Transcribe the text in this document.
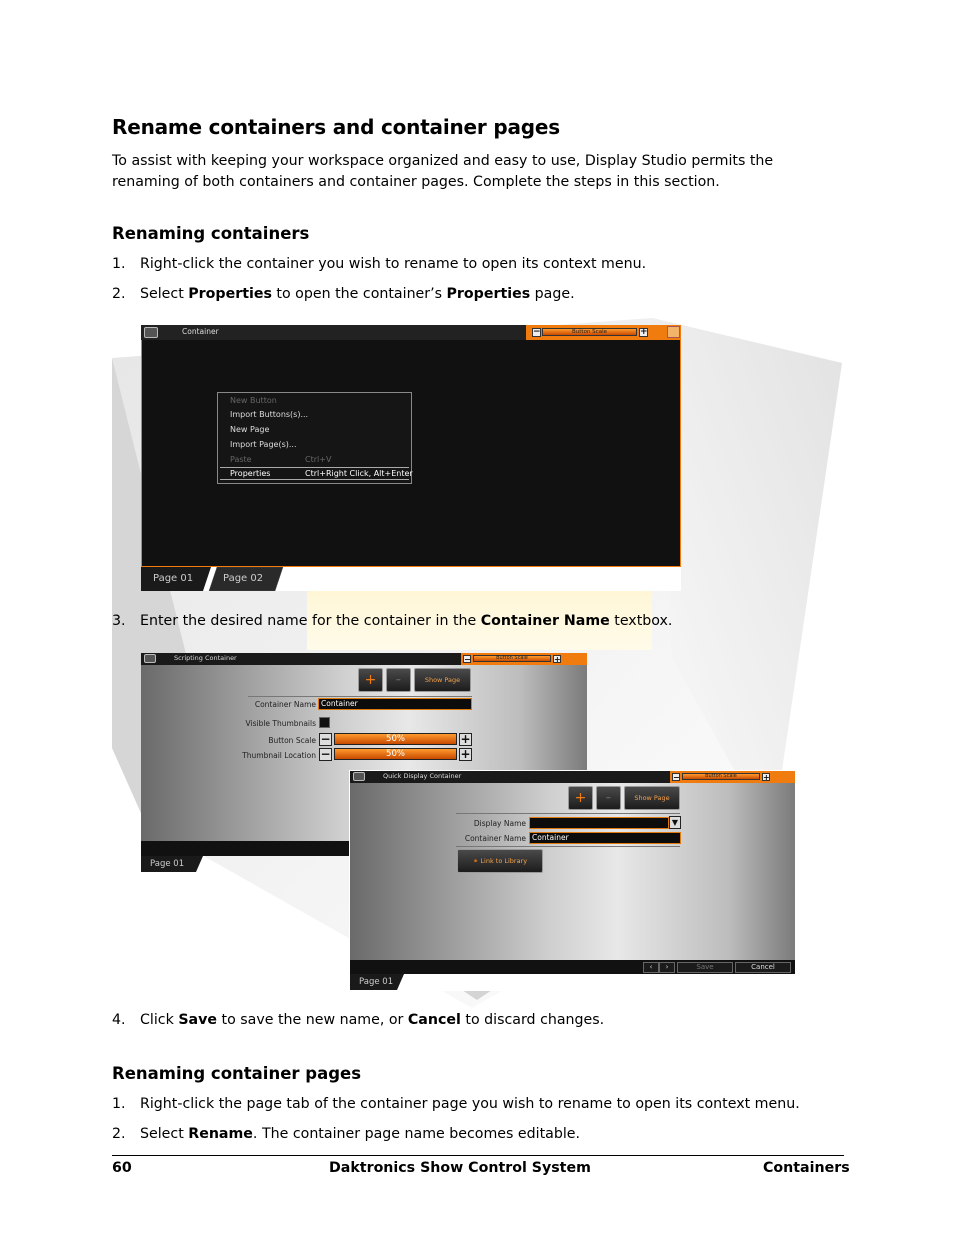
Rename containers and container pages

To assist with keeping your workspace organized and easy to use, Display Studio permits the renaming of both containers and container pages. Complete the steps in this section.

Renaming containers
1. Right-click the container you wish to rename to open its context menu.
2. Select Properties to open the container’s Properties page.
Container	−	Button Scale	+
New Button
Import Buttons(s)...
New Page
Import Page(s)...
Paste	Ctrl+V
Properties	Ctrl+Right Click, Alt+Enter
Page 01	Page 02
3. Enter the desired name for the container in the Container Name textbox.
Scripting Container	−	Button Scale	+
+	−	Show Page
Container Name Container
Visible Thumbnails
Button Scale −	50%	+
Thumbnail Location −	50%	+
Page 01
Quick Display Container	−	Button Scale	+
+	−	Show Page
Display Name	▼
Container Name Container
⚭ Link to Library
‹	›	Save	Cancel
Page 01
4. Click Save to save the new name, or Cancel to discard changes.
Renaming container pages
1. Right-click the page tab of the container page you wish to rename to open its context menu.
2. Select Rename. The container page name becomes editable.
60	Daktronics Show Control System	Containers
